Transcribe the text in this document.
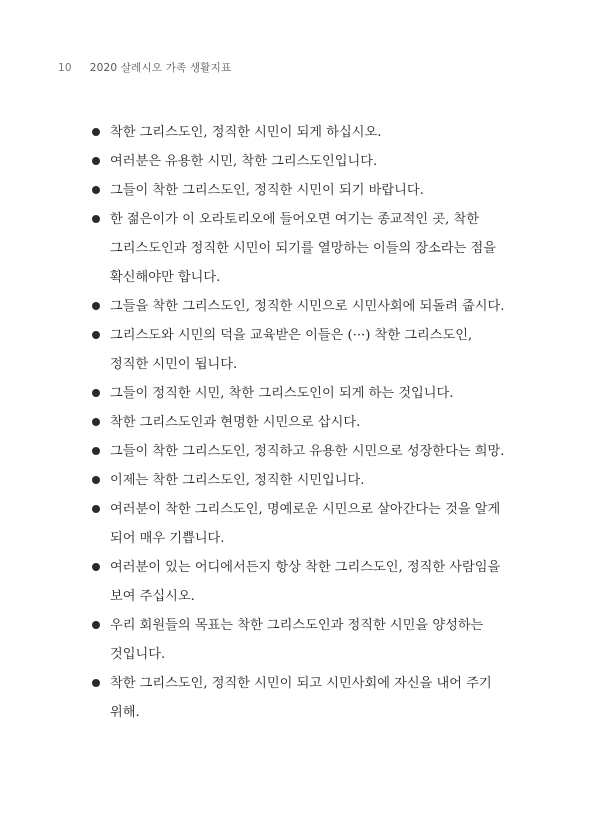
10 2020 살레시오 가족 생활지표
착한 그리스도인, 정직한 시민이 되게 하십시오.
여러분은 유용한 시민, 착한 그리스도인입니다.
그들이 착한 그리스도인, 정직한 시민이 되기 바랍니다.
한 젊은이가 이 오라토리오에 들어오면 여기는 종교적인 곳, 착한 그리스도인과 정직한 시민이 되기를 열망하는 이들의 장소라는 점을 확신해야만 합니다.
그들을 착한 그리스도인, 정직한 시민으로 시민사회에 되돌려 줍시다.
그리스도와 시민의 덕을 교육받은 이들은 (···) 착한 그리스도인, 정직한 시민이 됩니다.
그들이 정직한 시민, 착한 그리스도인이 되게 하는 것입니다.
착한 그리스도인과 현명한 시민으로 삽시다.
그들이 착한 그리스도인, 정직하고 유용한 시민으로 성장한다는 희망.
이제는 착한 그리스도인, 정직한 시민입니다.
여러분이 착한 그리스도인, 명예로운 시민으로 살아간다는 것을 알게 되어 매우 기쁩니다.
여러분이 있는 어디에서든지 항상 착한 그리스도인, 정직한 사람임을 보여 주십시오.
우리 회원들의 목표는 착한 그리스도인과 정직한 시민을 양성하는 것입니다.
착한 그리스도인, 정직한 시민이 되고 시민사회에 자신을 내어 주기 위해.
